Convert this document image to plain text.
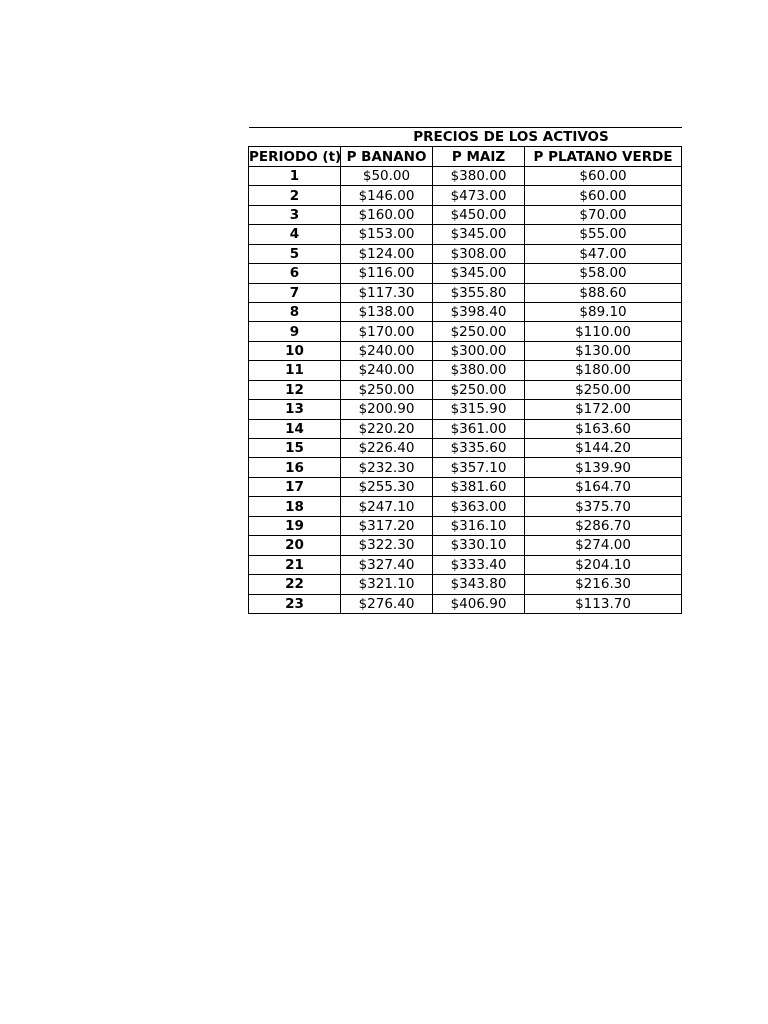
	PRECIOS DE LOS ACTIVOS		
PERIODO (t)	P BANANO	P MAIZ	P PLATANO VERDE
1	$50.00	$380.00	$60.00
2	$146.00	$473.00	$60.00
3	$160.00	$450.00	$70.00
4	$153.00	$345.00	$55.00
5	$124.00	$308.00	$47.00
6	$116.00	$345.00	$58.00
7	$117.30	$355.80	$88.60
8	$138.00	$398.40	$89.10
9	$170.00	$250.00	$110.00
10	$240.00	$300.00	$130.00
11	$240.00	$380.00	$180.00
12	$250.00	$250.00	$250.00
13	$200.90	$315.90	$172.00
14	$220.20	$361.00	$163.60
15	$226.40	$335.60	$144.20
16	$232.30	$357.10	$139.90
17	$255.30	$381.60	$164.70
18	$247.10	$363.00	$375.70
19	$317.20	$316.10	$286.70
20	$322.30	$330.10	$274.00
21	$327.40	$333.40	$204.10
22	$321.10	$343.80	$216.30
23	$276.40	$406.90	$113.70
